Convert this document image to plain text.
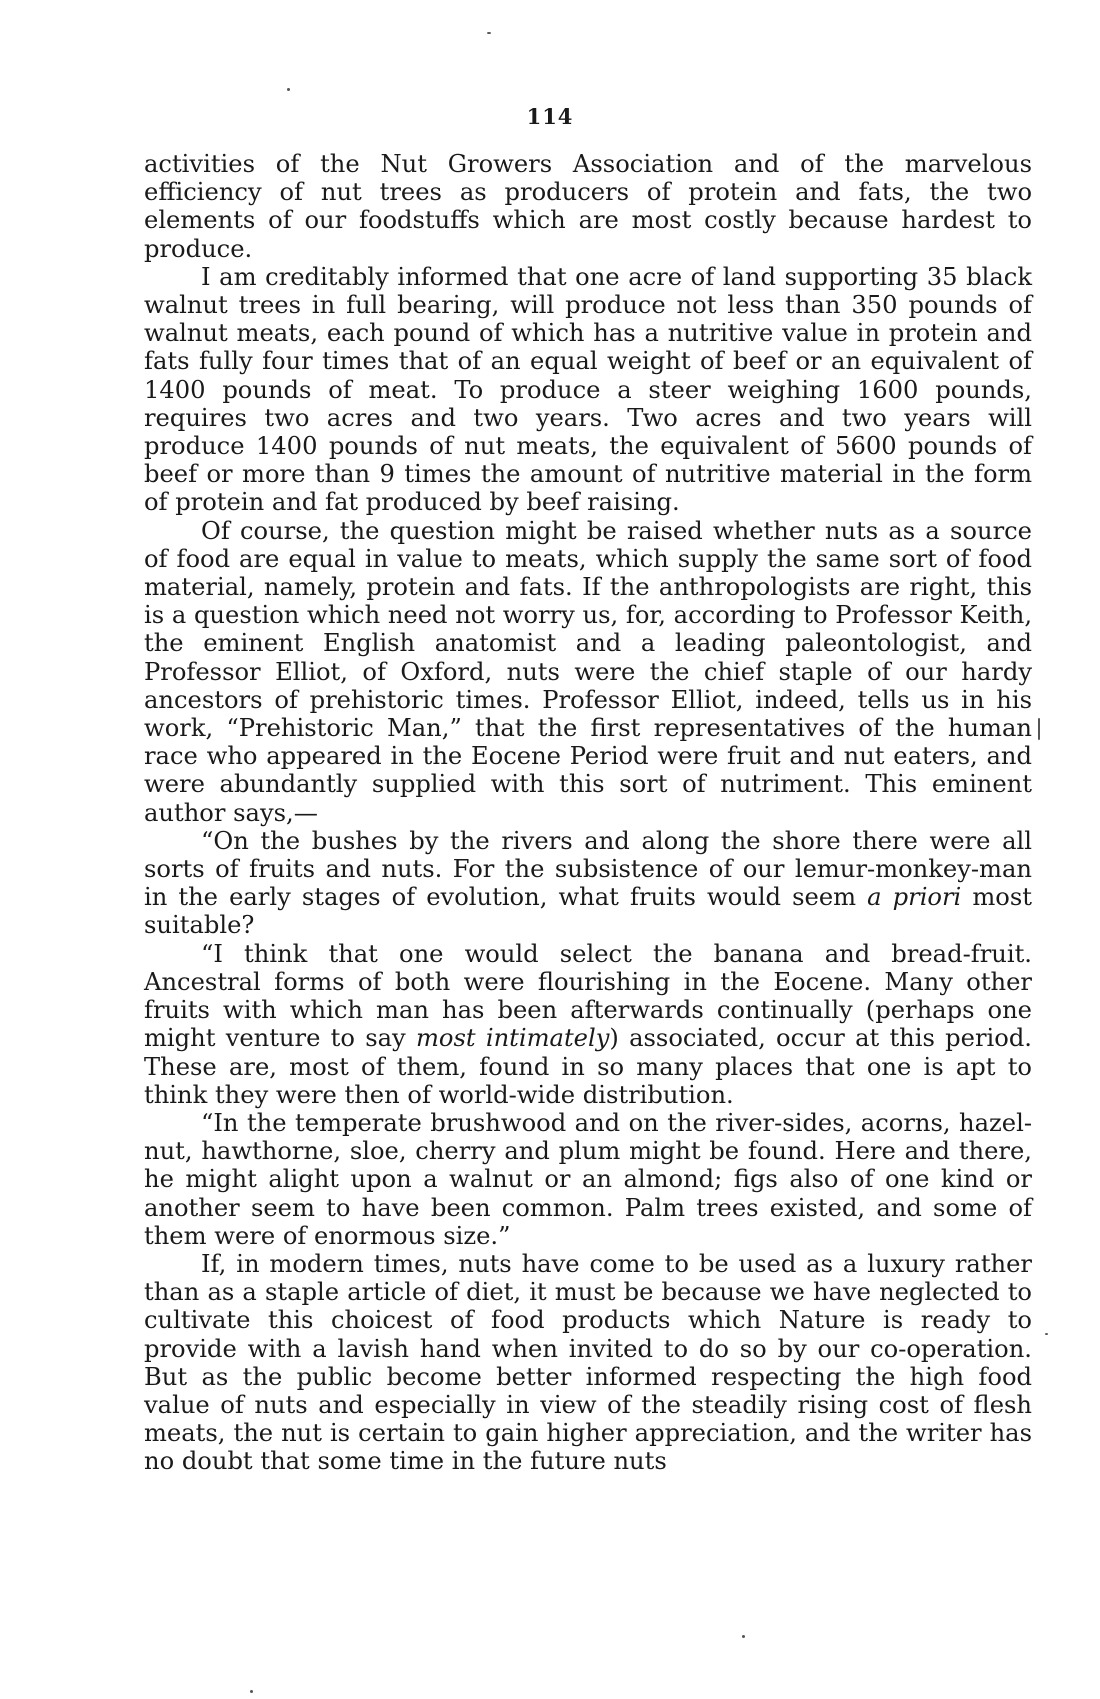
114

activities of the Nut Growers Association and of the marvelous efficiency of nut trees as producers of protein and fats, the two elements of our foodstuffs which are most costly because hardest to produce.

I am creditably informed that one acre of land supporting 35 black walnut trees in full bearing, will produce not less than 350 pounds of walnut meats, each pound of which has a nutritive value in protein and fats fully four times that of an equal weight of beef or an equivalent of 1400 pounds of meat. To produce a steer weighing 1600 pounds, requires two acres and two years. Two acres and two years will produce 1400 pounds of nut meats, the equivalent of 5600 pounds of beef or more than 9 times the amount of nutritive material in the form of protein and fat produced by beef raising.

Of course, the question might be raised whether nuts as a source of food are equal in value to meats, which supply the same sort of food material, namely, protein and fats. If the anthropologists are right, this is a question which need not worry us, for, according to Professor Keith, the eminent English anatomist and a leading paleontologist, and Professor Elliot, of Oxford, nuts were the chief staple of our hardy ancestors of prehistoric times. Professor Elliot, indeed, tells us in his work, “Prehistoric Man,” that the first representatives of the human race who appeared in the Eocene Period were fruit and nut eaters, and were abundantly supplied with this sort of nutriment. This eminent author says,—

“On the bushes by the rivers and along the shore there were all sorts of fruits and nuts. For the subsistence of our lemur-monkey-man in the early stages of evolution, what fruits would seem a priori most suitable?

“I think that one would select the banana and bread-fruit. Ancestral forms of both were flourishing in the Eocene. Many other fruits with which man has been afterwards continually (perhaps one might venture to say most intimately) associated, occur at this period. These are, most of them, found in so many places that one is apt to think they were then of world-wide distribution.

“In the temperate brushwood and on the river-sides, acorns, hazel-nut, hawthorne, sloe, cherry and plum might be found. Here and there, he might alight upon a walnut or an almond; figs also of one kind or another seem to have been common. Palm trees existed, and some of them were of enormous size.”

If, in modern times, nuts have come to be used as a luxury rather than as a staple article of diet, it must be because we have neglected to cultivate this choicest of food products which Nature is ready to provide with a lavish hand when invited to do so by our co-operation. But as the public become better informed respecting the high food value of nuts and especially in view of the steadily rising cost of flesh meats, the nut is certain to gain higher appreciation, and the writer has no doubt that some time in the future nuts
